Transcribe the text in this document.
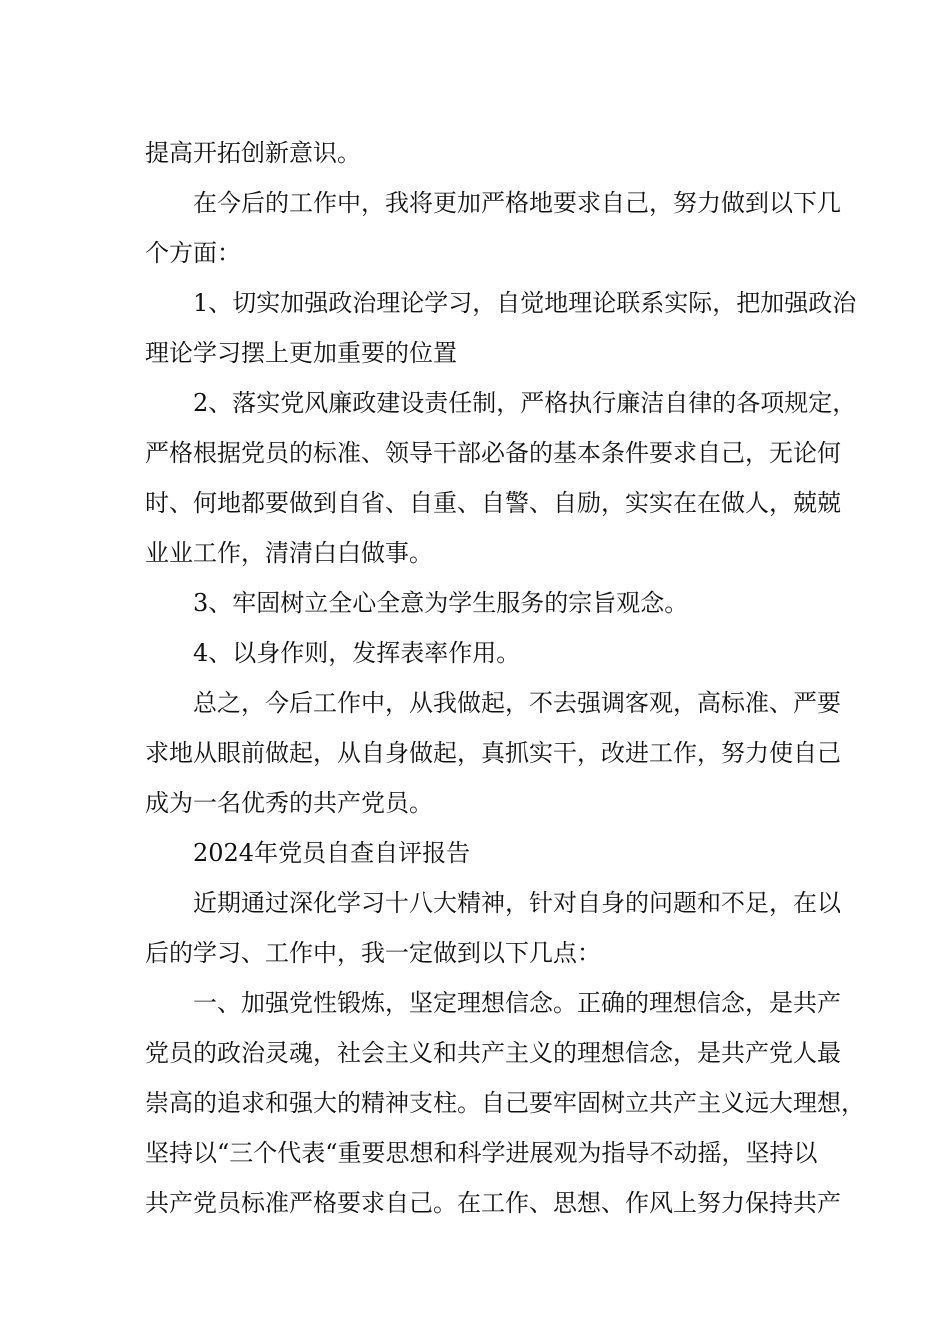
提高开拓创新意识。

在今后的工作中，我将更加严格地要求自己，努力做到以下几
个方面：

1、切实加强政治理论学习，自觉地理论联系实际，把加强政治
理论学习摆上更加重要的位置

2、落实党风廉政建设责任制，严格执行廉洁自律的各项规定，
严格根据党员的标准、领导干部必备的基本条件要求自己，无论何
时、何地都要做到自省、自重、自警、自励，实实在在做人，兢兢
业业工作，清清白白做事。

3、牢固树立全心全意为学生服务的宗旨观念。

4、以身作则，发挥表率作用。

总之，今后工作中，从我做起，不去强调客观，高标准、严要
求地从眼前做起，从自身做起，真抓实干，改进工作，努力使自己
成为一名优秀的共产党员。

2024年党员自查自评报告

近期通过深化学习十八大精神，针对自身的问题和不足，在以
后的学习、工作中，我一定做到以下几点：

一、加强党性锻炼，坚定理想信念。正确的理想信念，是共产
党员的政治灵魂，社会主义和共产主义的理想信念，是共产党人最
崇高的追求和强大的精神支柱。自己要牢固树立共产主义远大理想，
坚持以“三个代表“重要思想和科学进展观为指导不动摇，坚持以
共产党员标准严格要求自己。在工作、思想、作风上努力保持共产
